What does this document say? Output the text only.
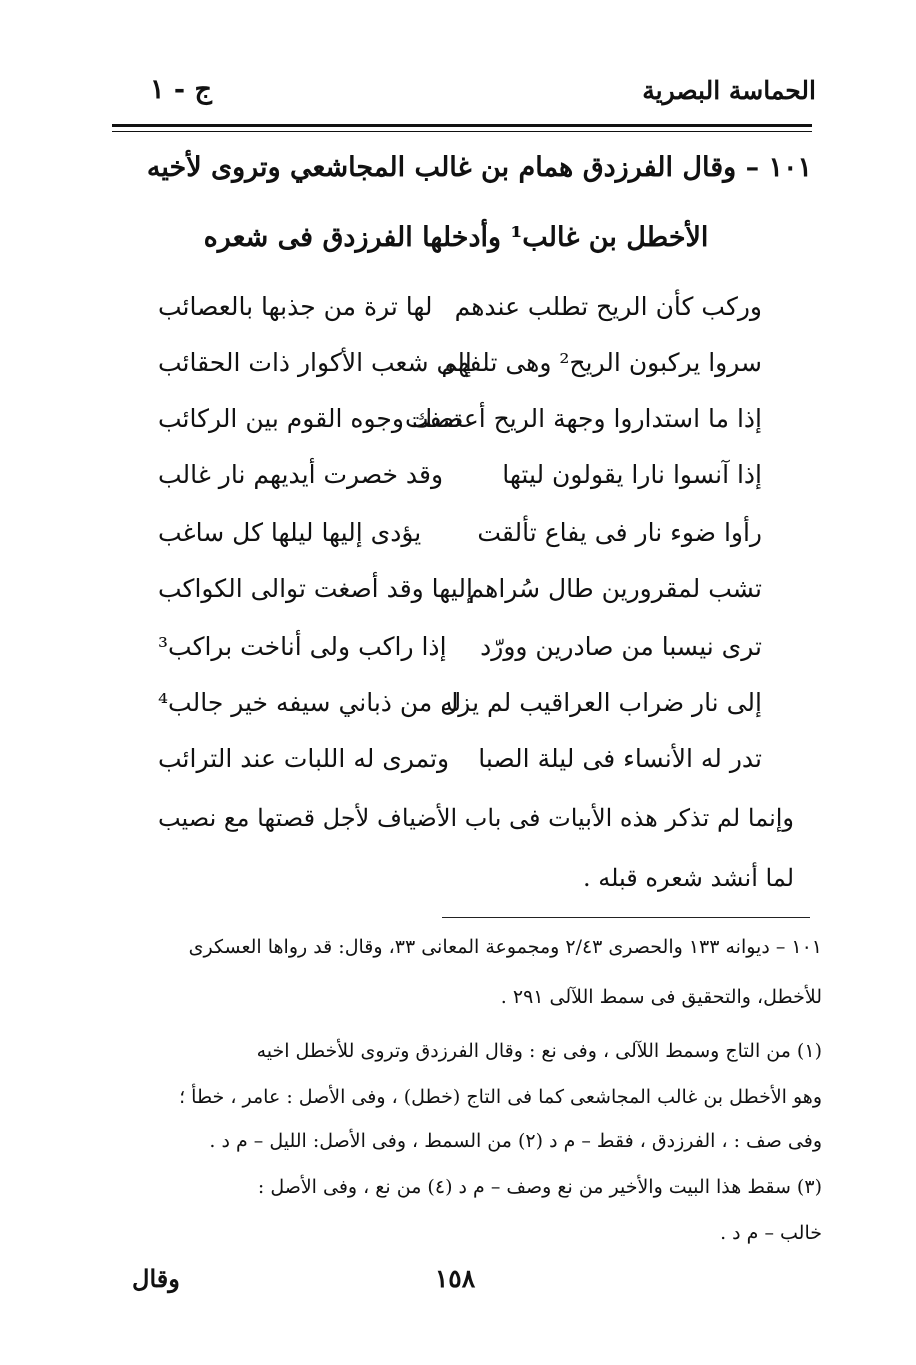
الحماسة البصرية
ج - ١
١٠١ – وقال الفرزدق همام بن غالب المجاشعي وتروى لأخيه
الأخطل بن غالب¹ وأدخلها الفرزدق فى شعره
وركب كأن الريح تطلب عندهم
لها ترة من جذبها بالعصائب
سروا يركبون الريح² وهى تلفهم
إلى شعب الأكوار ذات الحقائب
إذا ما استداروا وجهة الريح أعصفت
تصك وجوه القوم بين الركائب
إذا آنسوا نارا يقولون ليتها
وقد خصرت أيديهم نار غالب
رأوا ضوء نار فى يفاع تألقت
يؤدى إليها ليلها كل ساغب
تشب لمقرورين طال سُراهم
إليها وقد أصغت توالى الكواكب
ترى نيسبا من صادرين وورّد
إذا راكب ولى أناخت براكب³
إلى نار ضراب العراقيب لم يزل
له من ذباني سيفه خير جالب⁴
تدر له الأنساء فى ليلة الصبا
وتمرى له اللبات عند الترائب
وإنما لم تذكر هذه الأبيات فى باب الأضياف لأجل قصتها مع نصيب
لما أنشد شعره قبله .
١٠١ – ديوانه ١٣٣ والحصرى ٢/٤٣ ومجموعة المعانى ٣٣، وقال: قد رواها العسكرى
للأخطل، والتحقيق فى سمط اللآلى ٢٩١ .
(١) من التاج وسمط اللآلى ، وفى نع : وقال الفرزدق وتروى للأخطل اخيه
وهو الأخطل بن غالب المجاشعى كما فى التاج (خطل) ، وفى الأصل : عامر ، خطأ ؛
وفى صف : ، الفرزدق ، فقط – م د (٢) من السمط ، وفى الأصل: الليل – م د .
(٣) سقط هذا البيت والأخير من نع وصف – م د (٤) من نع ، وفى الأصل :
خالب – م د .
١٥٨
وقال
